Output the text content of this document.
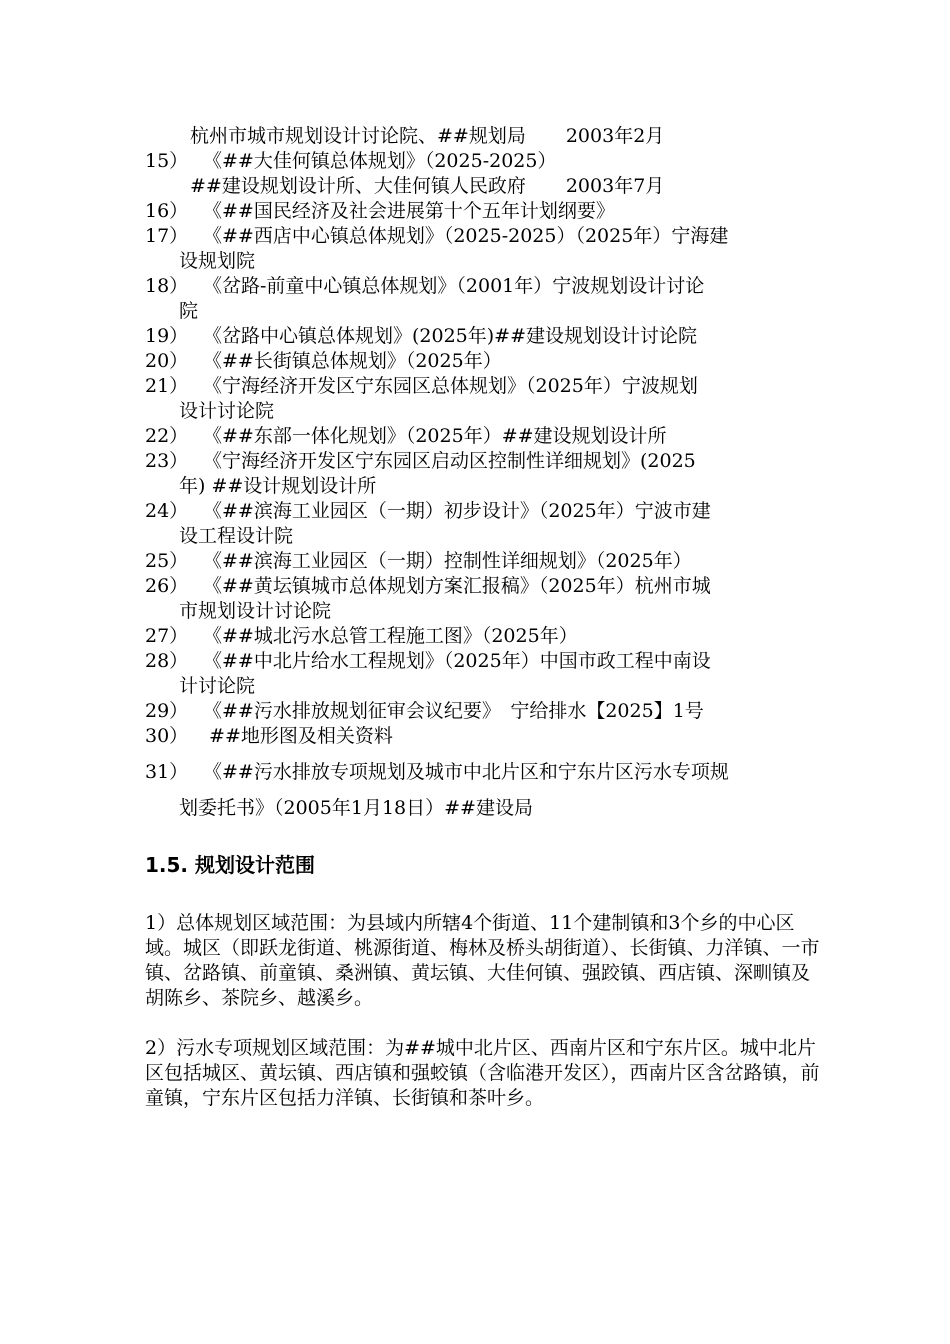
杭州市城市规划设计讨论院、##规划局 2003年2月
15） 《##大佳何镇总体规划》（2025-2025）
##建设规划设计所、大佳何镇人民政府 2003年7月
16） 《##国民经济及社会进展第十个五年计划纲要》
17） 《##西店中心镇总体规划》（2025-2025）（2025年）宁海建
设规划院
18） 《岔路-前童中心镇总体规划》（2001年）宁波规划设计讨论
院
19） 《岔路中心镇总体规划》(2025年)##建设规划设计讨论院
20） 《##长街镇总体规划》（2025年）
21） 《宁海经济开发区宁东园区总体规划》（2025年）宁波规划
设计讨论院
22） 《##东部一体化规划》（2025年）##建设规划设计所
23） 《宁海经济开发区宁东园区启动区控制性详细规划》(2025
年) ##设计规划设计所
24） 《##滨海工业园区（一期）初步设计》（2025年）宁波市建
设工程设计院
25） 《##滨海工业园区（一期）控制性详细规划》（2025年）
26） 《##黄坛镇城市总体规划方案汇报稿》（2025年）杭州市城
市规划设计讨论院
27） 《##城北污水总管工程施工图》（2025年）
28） 《##中北片给水工程规划》（2025年）中国市政工程中南设
计讨论院
29） 《##污水排放规划征审会议纪要》　宁给排水【2025】1号
30） ##地形图及相关资料
31） 《##污水排放专项规划及城市中北片区和宁东片区污水专项规
划委托书》（2005年1月18日）##建设局
1.5. 规划设计范围
1）总体规划区域范围：为县域内所辖4个街道、11个建制镇和3个乡的中心区域。城区（即跃龙街道、桃源街道、梅林及桥头胡街道）、长街镇、力洋镇、一市镇、岔路镇、前童镇、桑洲镇、黄坛镇、大佳何镇、强跤镇、西店镇、深甽镇及胡陈乡、茶院乡、越溪乡。
2）污水专项规划区域范围：为##城中北片区、西南片区和宁东片区。城中北片区包括城区、黄坛镇、西店镇和强蛟镇（含临港开发区），西南片区含岔路镇，前童镇，宁东片区包括力洋镇、长街镇和茶叶乡。
